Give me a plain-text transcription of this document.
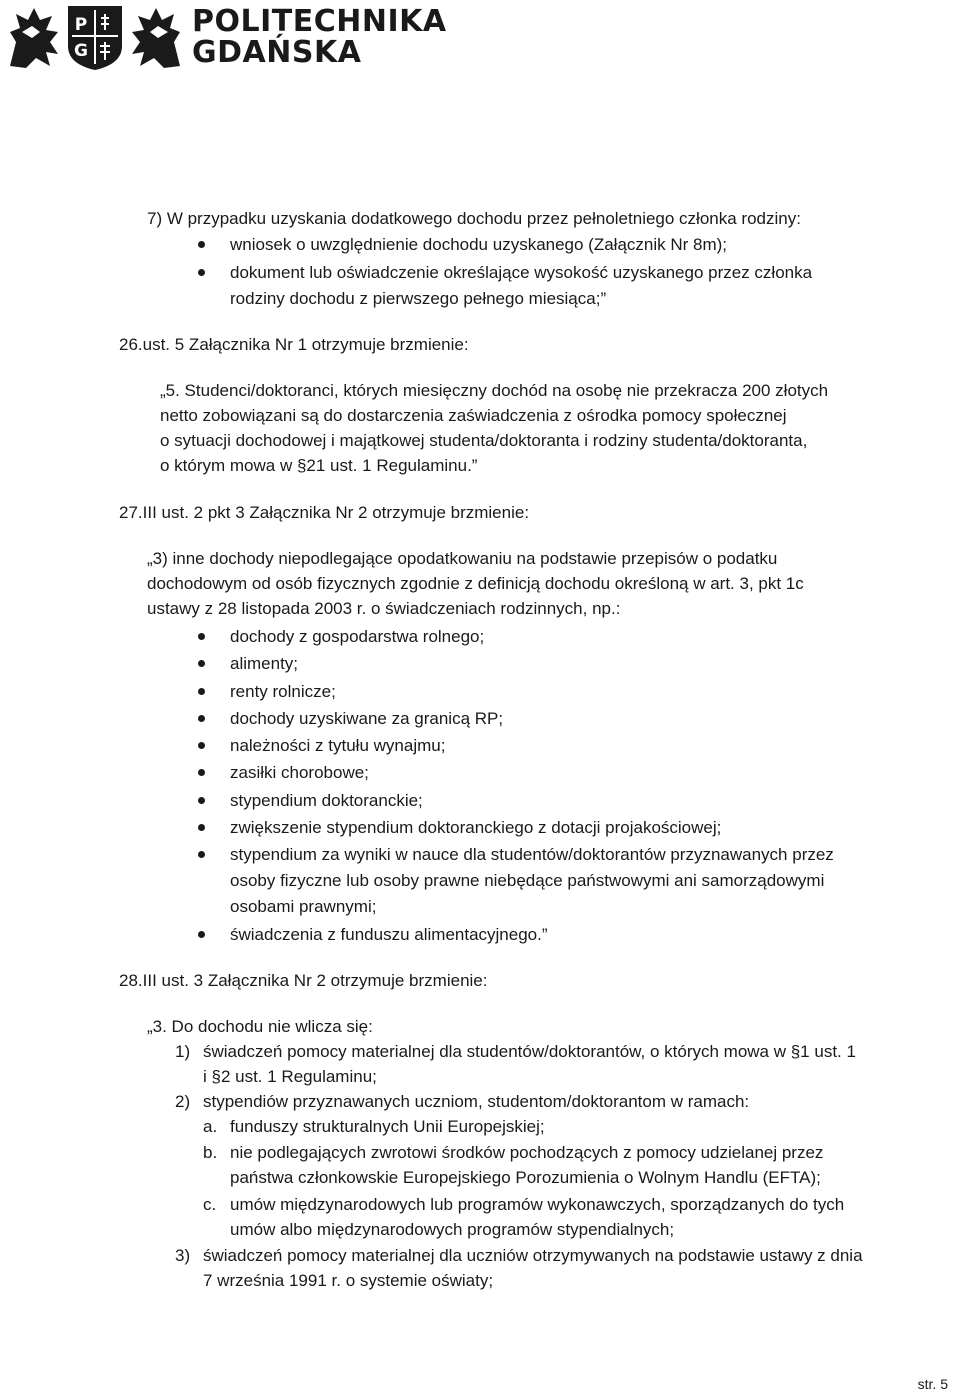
P
G
POLITECHNIKA
GDAŃSKA
7) W przypadku uzyskania dodatkowego dochodu przez pełnoletniego członka rodziny:
wniosek o uwzględnienie dochodu uzyskanego (Załącznik Nr 8m);
dokument lub oświadczenie określające wysokość uzyskanego przez członka
rodziny dochodu z pierwszego pełnego miesiąca;”
26.ust. 5 Załącznika Nr 1 otrzymuje brzmienie:
„5. Studenci/doktoranci, których miesięczny dochód na osobę nie przekracza 200 złotych
netto zobowiązani są do dostarczenia zaświadczenia z ośrodka pomocy społecznej
o sytuacji dochodowej i majątkowej studenta/doktoranta i rodziny studenta/doktoranta,
o którym mowa w §21 ust. 1 Regulaminu.”
27.III ust. 2 pkt 3 Załącznika Nr 2 otrzymuje brzmienie:
„3) inne dochody niepodlegające opodatkowaniu na podstawie przepisów o podatku
dochodowym od osób fizycznych zgodnie z definicją dochodu określoną w art. 3, pkt 1c
ustawy z 28 listopada 2003 r. o świadczeniach rodzinnych, np.:
dochody z gospodarstwa rolnego;
alimenty;
renty rolnicze;
dochody uzyskiwane za granicą RP;
należności z tytułu wynajmu;
zasiłki chorobowe;
stypendium doktoranckie;
zwiększenie stypendium doktoranckiego z dotacji projakościowej;
stypendium za wyniki w nauce dla studentów/doktorantów przyznawanych przez
osoby fizyczne lub osoby prawne niebędące państwowymi ani samorządowymi
osobami prawnymi;
świadczenia z funduszu alimentacyjnego.”
28.III ust. 3 Załącznika Nr 2 otrzymuje brzmienie:
„3. Do dochodu nie wlicza się:
1) świadczeń pomocy materialnej dla studentów/doktorantów, o których mowa w §1 ust. 1
i §2 ust. 1 Regulaminu;
2) stypendiów przyznawanych uczniom, studentom/doktorantom w ramach:
a. funduszy strukturalnych Unii Europejskiej;
b. nie podlegających zwrotowi środków pochodzących z pomocy udzielanej przez
państwa członkowskie Europejskiego Porozumienia o Wolnym Handlu (EFTA);
c. umów międzynarodowych lub programów wykonawczych, sporządzanych do tych
umów albo międzynarodowych programów stypendialnych;
3) świadczeń pomocy materialnej dla uczniów otrzymywanych na podstawie ustawy z dnia
7 września 1991 r. o systemie oświaty;
str. 5
